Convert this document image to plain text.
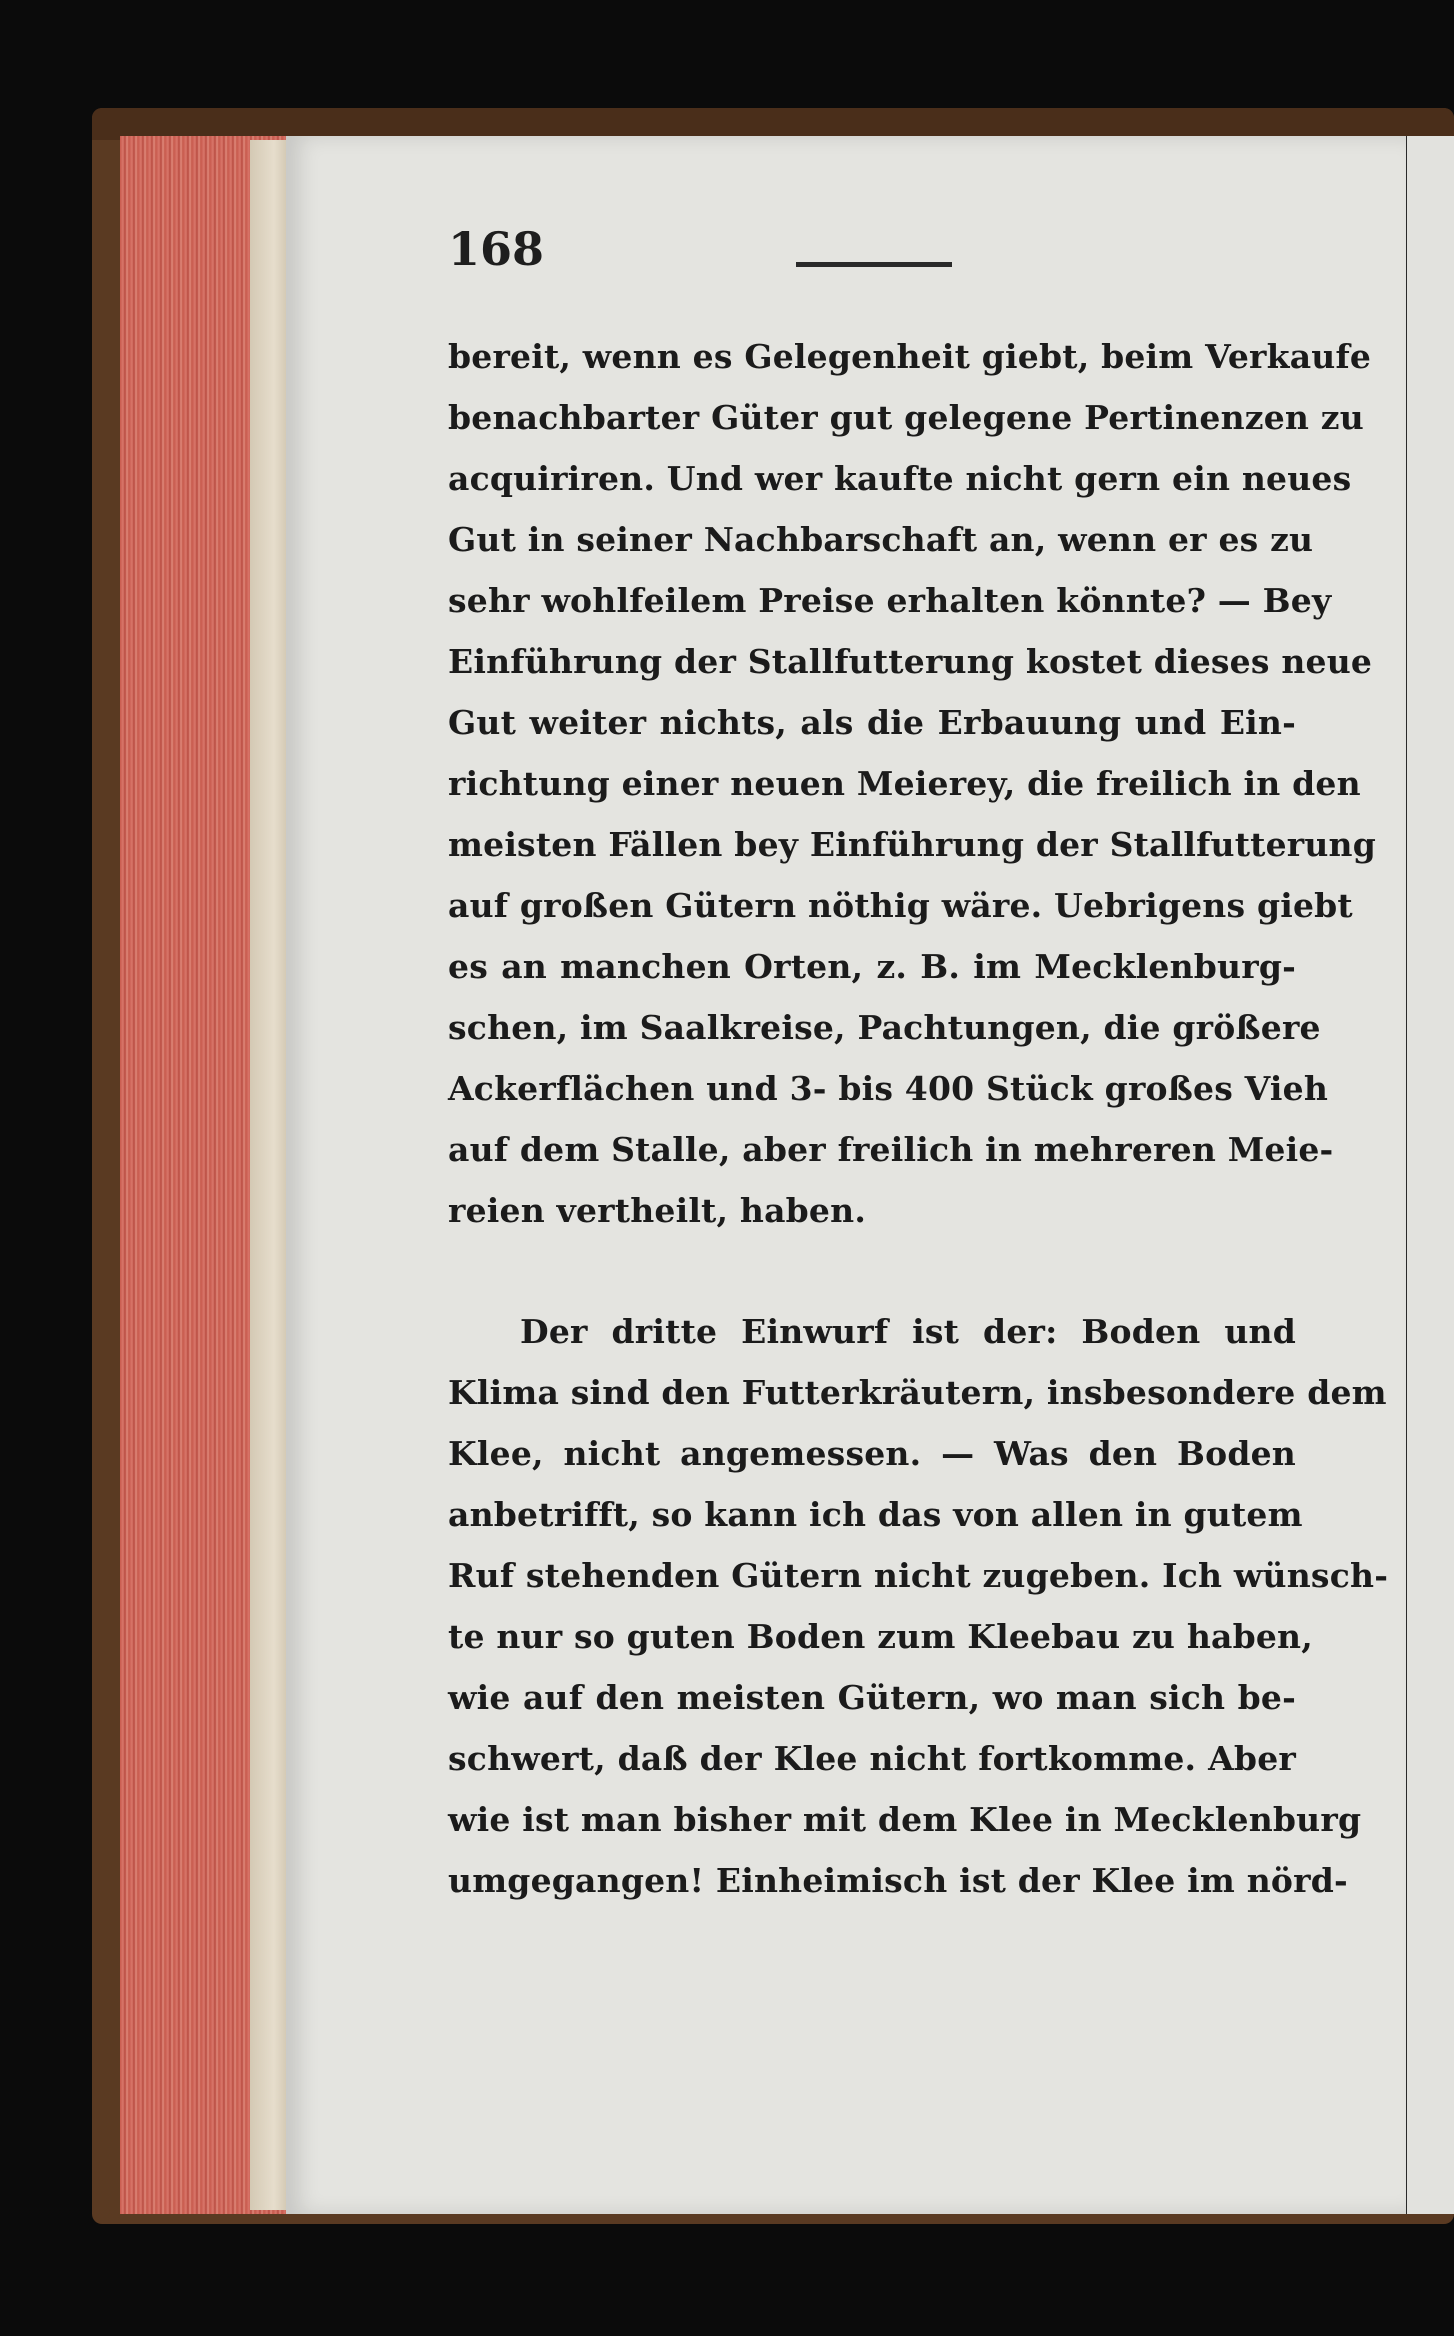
168
bereit, wenn es Gelegenheit giebt, beim Verkaufe
benachbarter Güter gut gelegene Pertinenzen zu
acquiriren. Und wer kaufte nicht gern ein neues
Gut in seiner Nachbarschaft an, wenn er es zu
sehr wohlfeilem Preise erhalten könnte? — Bey
Einführung der Stallfutterung kostet dieses neue
Gut weiter nichts, als die Erbauung und Ein-
richtung einer neuen Meierey, die freilich in den
meisten Fällen bey Einführung der Stallfutterung
auf großen Gütern nöthig wäre. Uebrigens giebt
es an manchen Orten, z. B. im Mecklenburg-
schen, im Saalkreise, Pachtungen, die größere
Ackerflächen und 3- bis 400 Stück großes Vieh
auf dem Stalle, aber freilich in mehreren Meie-
reien vertheilt, haben.
Der dritte Einwurf ist der: Boden und
Klima sind den Futterkräutern, insbesondere dem
Klee, nicht angemessen. — Was den Boden
anbetrifft, so kann ich das von allen in gutem
Ruf stehenden Gütern nicht zugeben. Ich wünsch-
te nur so guten Boden zum Kleebau zu haben,
wie auf den meisten Gütern, wo man sich be-
schwert, daß der Klee nicht fortkomme. Aber
wie ist man bisher mit dem Klee in Mecklenburg
umgegangen! Einheimisch ist der Klee im nörd-
